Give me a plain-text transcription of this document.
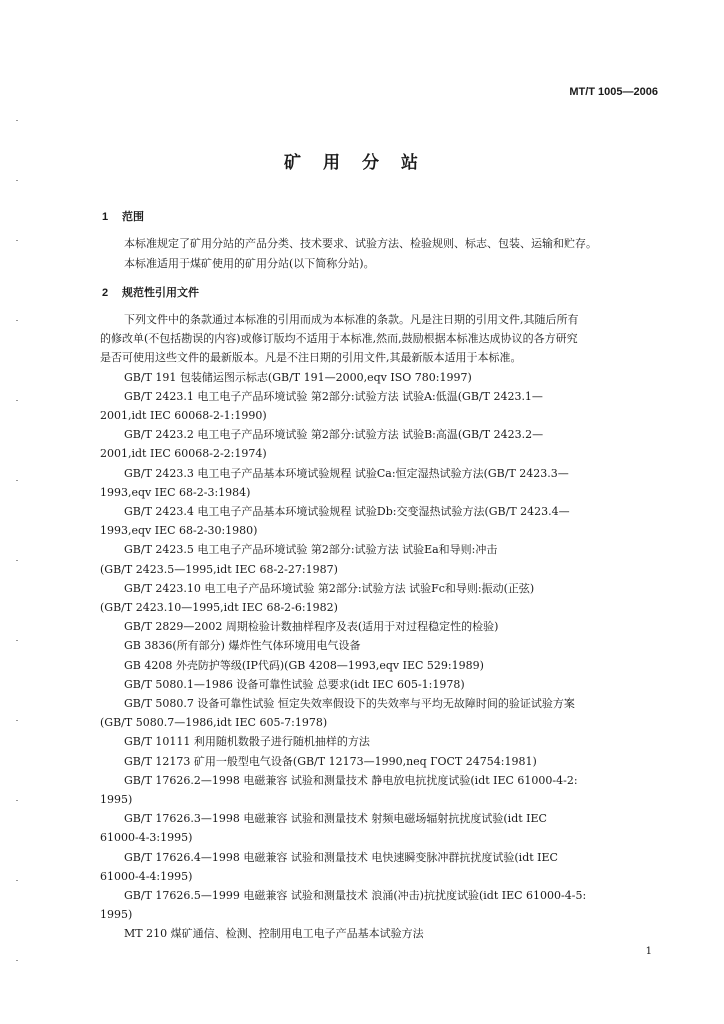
MT/T 1005—2006
矿用分站
1 范围
本标准规定了矿用分站的产品分类、技术要求、试验方法、检验规则、标志、包装、运输和贮存。
本标准适用于煤矿使用的矿用分站(以下简称分站)。
2 规范性引用文件
下列文件中的条款通过本标准的引用而成为本标准的条款。凡是注日期的引用文件,其随后所有
的修改单(不包括勘误的内容)或修订版均不适用于本标准,然而,鼓励根据本标准达成协议的各方研究
是否可使用这些文件的最新版本。凡是不注日期的引用文件,其最新版本适用于本标准。
GB/T 191 包装储运图示标志(GB/T 191—2000,eqv ISO 780:1997)
GB/T 2423.1 电工电子产品环境试验 第2部分:试验方法 试验A:低温(GB/T 2423.1—
2001,idt IEC 60068-2-1:1990)
GB/T 2423.2 电工电子产品环境试验 第2部分:试验方法 试验B:高温(GB/T 2423.2—
2001,idt IEC 60068-2-2:1974)
GB/T 2423.3 电工电子产品基本环境试验规程 试验Ca:恒定湿热试验方法(GB/T 2423.3—
1993,eqv IEC 68-2-3:1984)
GB/T 2423.4 电工电子产品基本环境试验规程 试验Db:交变湿热试验方法(GB/T 2423.4—
1993,eqv IEC 68-2-30:1980)
GB/T 2423.5 电工电子产品环境试验 第2部分:试验方法 试验Ea和导则:冲击
(GB/T 2423.5—1995,idt IEC 68-2-27:1987)
GB/T 2423.10 电工电子产品环境试验 第2部分:试验方法 试验Fc和导则:振动(正弦)
(GB/T 2423.10—1995,idt IEC 68-2-6:1982)
GB/T 2829—2002 周期检验计数抽样程序及表(适用于对过程稳定性的检验)
GB 3836(所有部分) 爆炸性气体环境用电气设备
GB 4208 外壳防护等级(IP代码)(GB 4208—1993,eqv IEC 529:1989)
GB/T 5080.1—1986 设备可靠性试验 总要求(idt IEC 605-1:1978)
GB/T 5080.7 设备可靠性试验 恒定失效率假设下的失效率与平均无故障时间的验证试验方案
(GB/T 5080.7—1986,idt IEC 605-7:1978)
GB/T 10111 利用随机数骰子进行随机抽样的方法
GB/T 12173 矿用一般型电气设备(GB/T 12173—1990,neq ГОСТ 24754:1981)
GB/T 17626.2—1998 电磁兼容 试验和测量技术 静电放电抗扰度试验(idt IEC 61000-4-2:
1995)
GB/T 17626.3—1998 电磁兼容 试验和测量技术 射频电磁场辐射抗扰度试验(idt IEC
61000-4-3:1995)
GB/T 17626.4—1998 电磁兼容 试验和测量技术 电快速瞬变脉冲群抗扰度试验(idt IEC
61000-4-4:1995)
GB/T 17626.5—1999 电磁兼容 试验和测量技术 浪涌(冲击)抗扰度试验(idt IEC 61000-4-5:
1995)
MT 210 煤矿通信、检测、控制用电工电子产品基本试验方法
1
